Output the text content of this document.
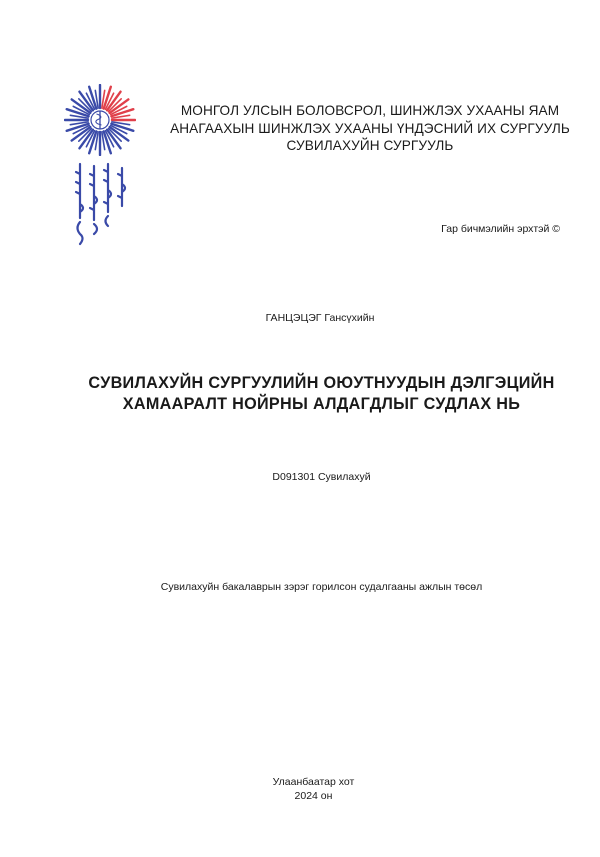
МОНГОЛ УЛСЫН БОЛОВСРОЛ, ШИНЖЛЭХ УХААНЫ ЯАМ
АНАГААХЫН ШИНЖЛЭХ УХААНЫ ҮНДЭСНИЙ ИХ СУРГУУЛЬ
СУВИЛАХУЙН СУРГУУЛЬ
Гар бичмэлийн эрхтэй ©
ГАНЦЭЦЭГ Гансүхийн
СУВИЛАХУЙН СУРГУУЛИЙН ОЮУТНУУДЫН ДЭЛГЭЦИЙН
ХАМААРАЛТ НОЙРНЫ АЛДАГДЛЫГ СУДЛАХ НЬ
D091301 Сувилахуй
Сувилахуйн бакалаврын зэрэг горилсон судалгааны ажлын төсөл
Улаанбаатар хот
2024 он
